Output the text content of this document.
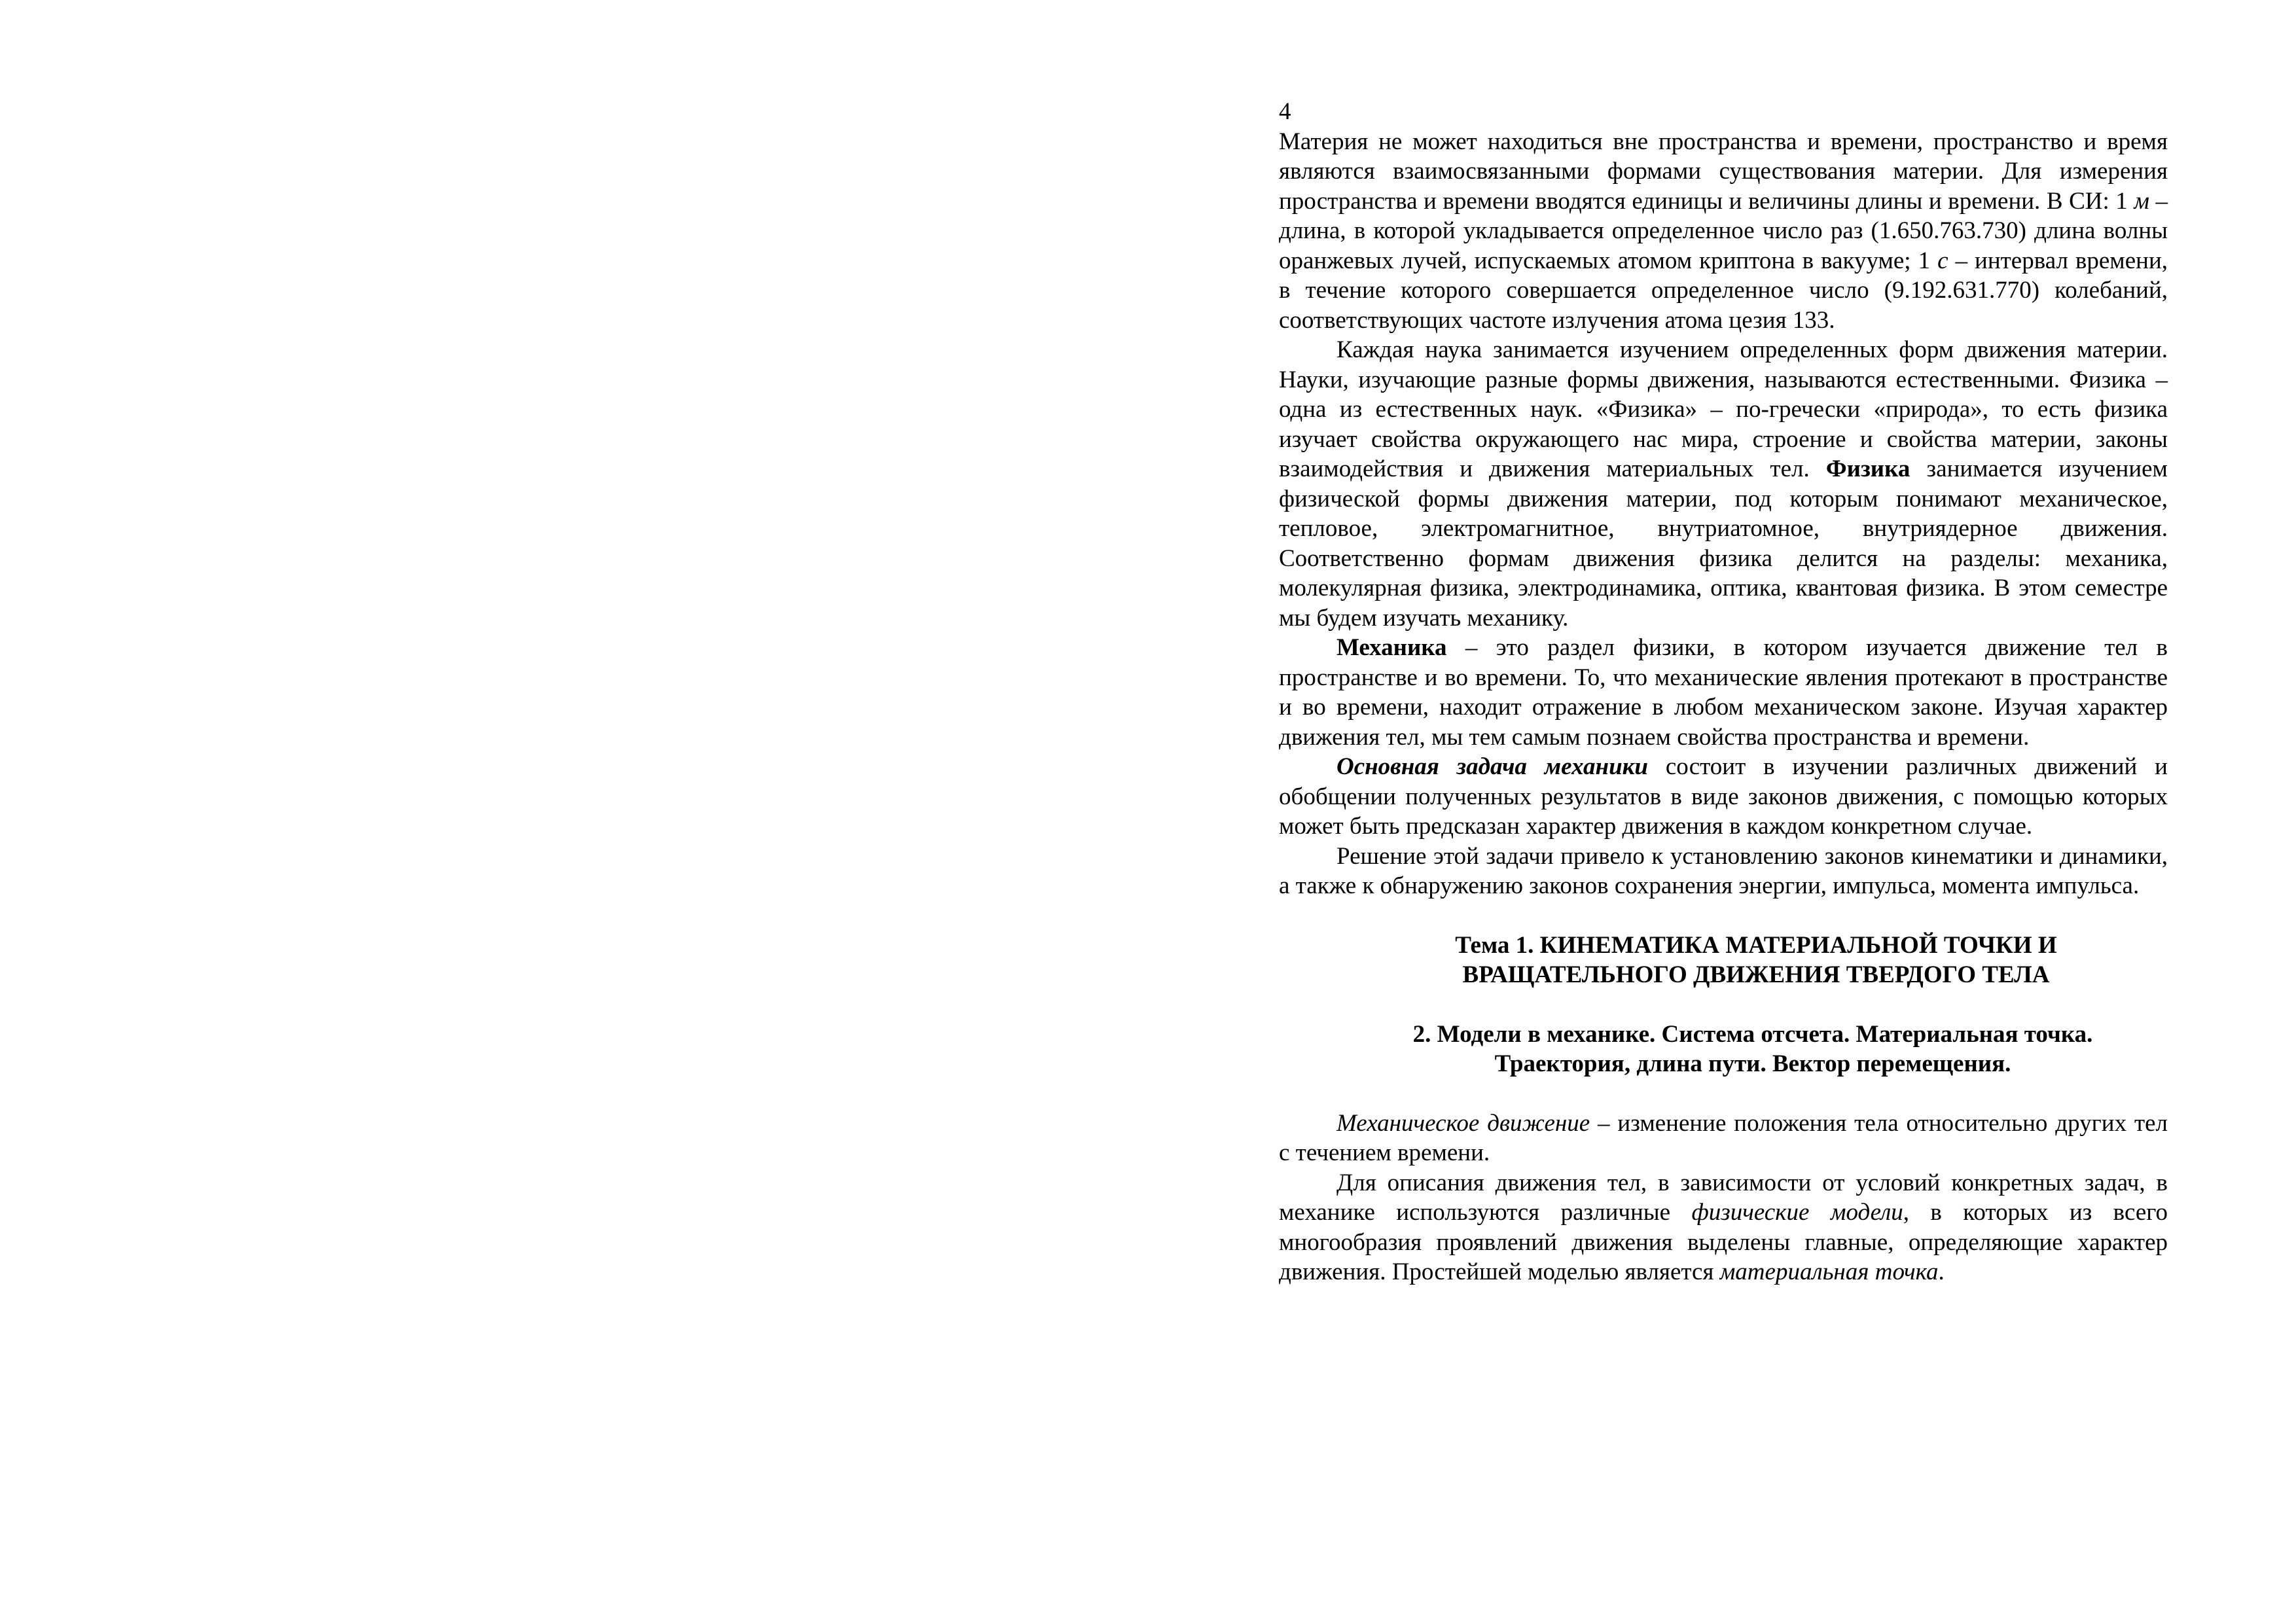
4

Материя не может находиться вне пространства и времени, пространство и время являются взаимосвязанными формами существования материи. Для измерения пространства и времени вводятся единицы и величины длины и времени. В СИ: 1 м – длина, в которой укладывается определенное число раз (1.650.763.730) длина волны оранжевых лучей, испускаемых атомом криптона в вакууме; 1 с – интервал времени, в течение которого совершается определенное число (9.192.631.770) колебаний, соответствующих частоте излучения атома цезия 133.

Каждая наука занимается изучением определенных форм движения материи. Науки, изучающие разные формы движения, называются естественными. Физика – одна из естественных наук. «Физика» – по-гречески «природа», то есть физика изучает свойства окружающего нас мира, строение и свойства материи, законы взаимодействия и движения материальных тел. Физика занимается изучением физической формы движения материи, под которым понимают механическое, тепловое, электромагнитное, внутриатомное, внутриядерное движения. Соответственно формам движения физика делится на разделы: механика, молекулярная физика, электродинамика, оптика, квантовая физика. В этом семестре мы будем изучать механику.

Механика – это раздел физики, в котором изучается движение тел в пространстве и во времени. То, что механические явления протекают в пространстве и во времени, находит отражение в любом механическом законе. Изучая характер движения тел, мы тем самым познаем свойства пространства и времени.

Основная задача механики состоит в изучении различных движений и обобщении полученных результатов в виде законов движения, с помощью которых может быть предсказан характер движения в каждом конкретном случае.

Решение этой задачи привело к установлению законов кинематики и динамики, а также к обнаружению законов сохранения энергии, импульса, момента импульса.

Тема 1. КИНЕМАТИКА МАТЕРИАЛЬНОЙ ТОЧКИ И
ВРАЩАТЕЛЬНОГО ДВИЖЕНИЯ ТВЕРДОГО ТЕЛА
2. Модели в механике. Система отсчета. Материальная точка.
Траектория, длина пути. Вектор перемещения.

Механическое движение – изменение положения тела относительно других тел с течением времени.

Для описания движения тел, в зависимости от условий конкретных задач, в механике используются различные физические модели, в которых из всего многообразия проявлений движения выделены главные, определяющие характер движения. Простейшей моделью является материальная точка.
